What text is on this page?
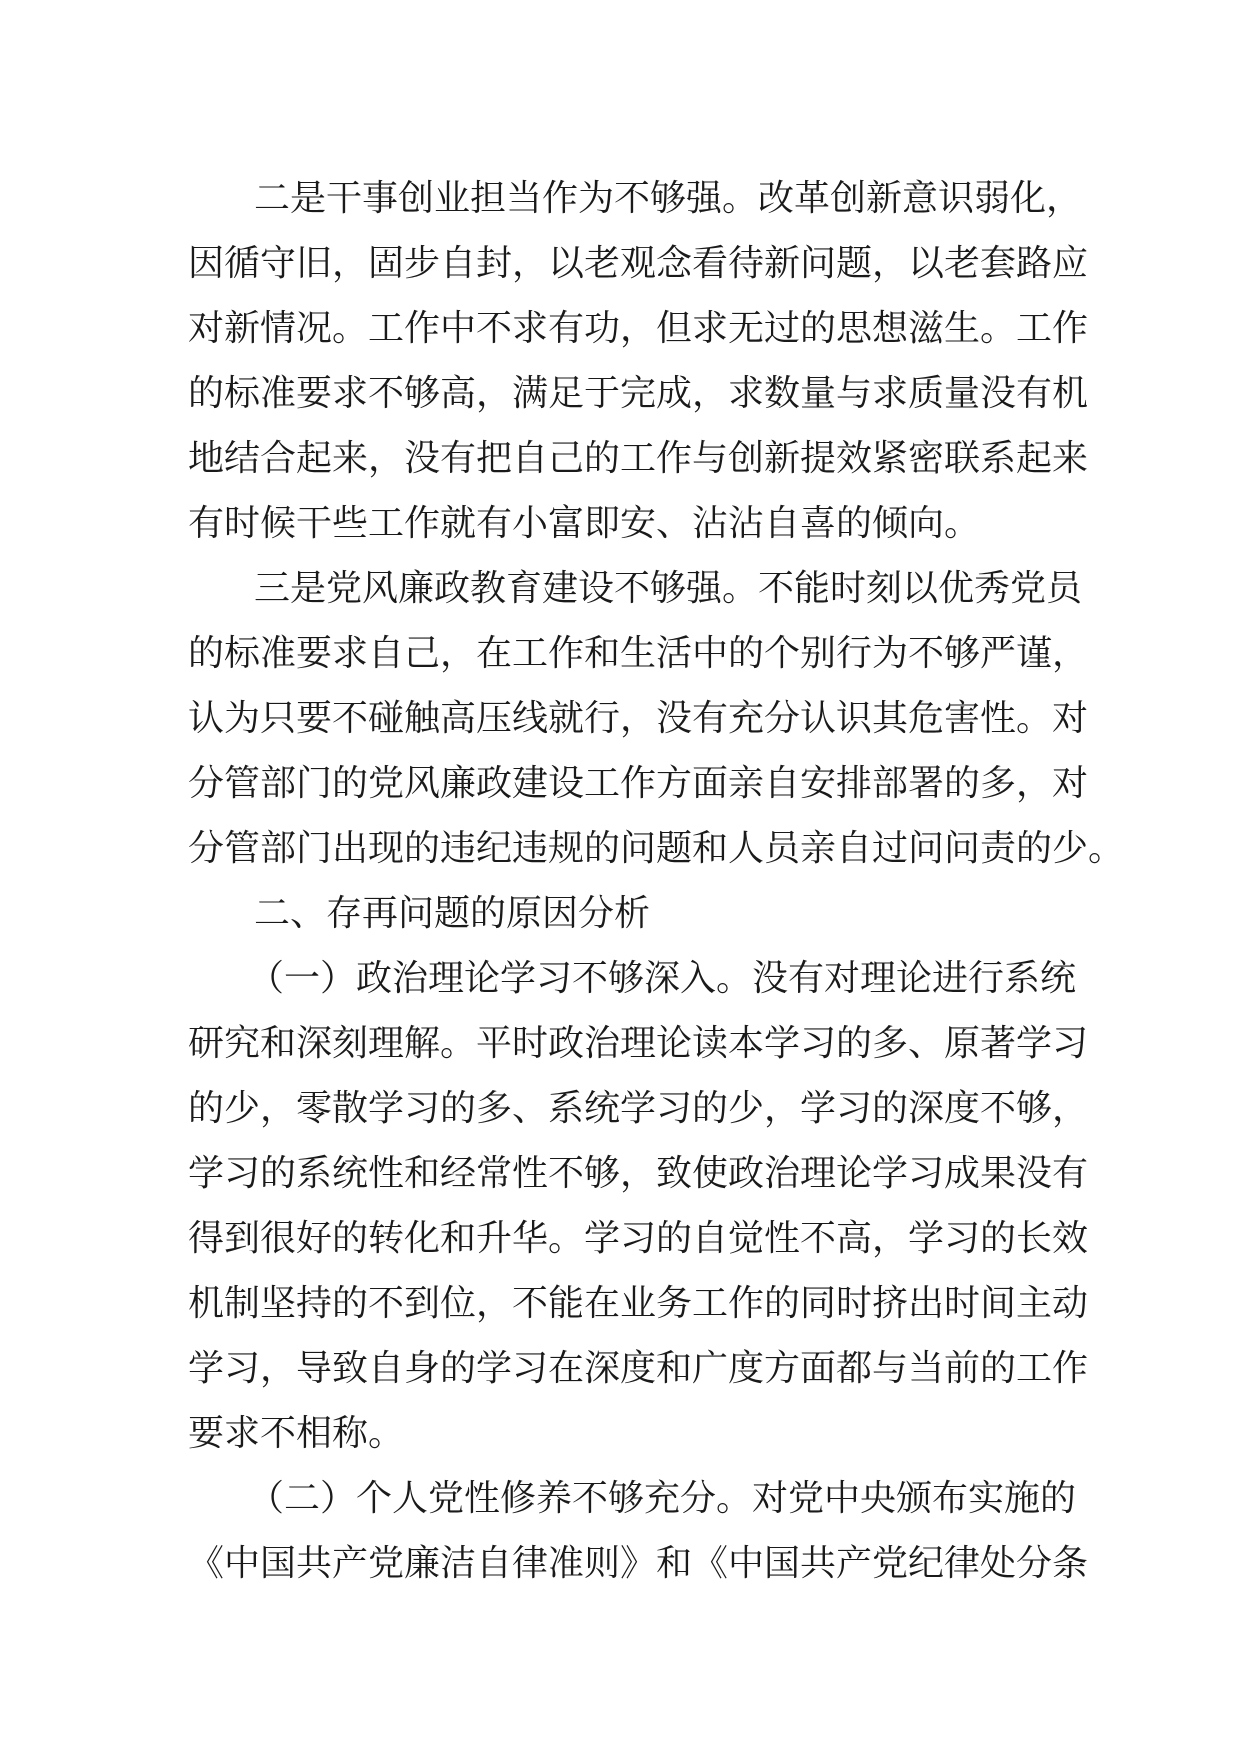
二是干事创业担当作为不够强。改革创新意识弱化，
因循守旧，固步自封，以老观念看待新问题，以老套路应
对新情况。工作中不求有功，但求无过的思想滋生。工作
的标准要求不够高，满足于完成，求数量与求质量没有机
地结合起来，没有把自己的工作与创新提效紧密联系起来
有时候干些工作就有小富即安、沾沾自喜的倾向。
三是党风廉政教育建设不够强。不能时刻以优秀党员
的标准要求自己，在工作和生活中的个别行为不够严谨，
认为只要不碰触高压线就行，没有充分认识其危害性。对
分管部门的党风廉政建设工作方面亲自安排部署的多，对
分管部门出现的违纪违规的问题和人员亲自过问问责的少。
二、存再问题的原因分析
（一）政治理论学习不够深入。没有对理论进行系统
研究和深刻理解。平时政治理论读本学习的多、原著学习
的少，零散学习的多、系统学习的少，学习的深度不够，
学习的系统性和经常性不够，致使政治理论学习成果没有
得到很好的转化和升华。学习的自觉性不高，学习的长效
机制坚持的不到位，不能在业务工作的同时挤出时间主动
学习，导致自身的学习在深度和广度方面都与当前的工作
要求不相称。
（二）个人党性修养不够充分。对党中央颁布实施的
《中国共产党廉洁自律准则》和《中国共产党纪律处分条
